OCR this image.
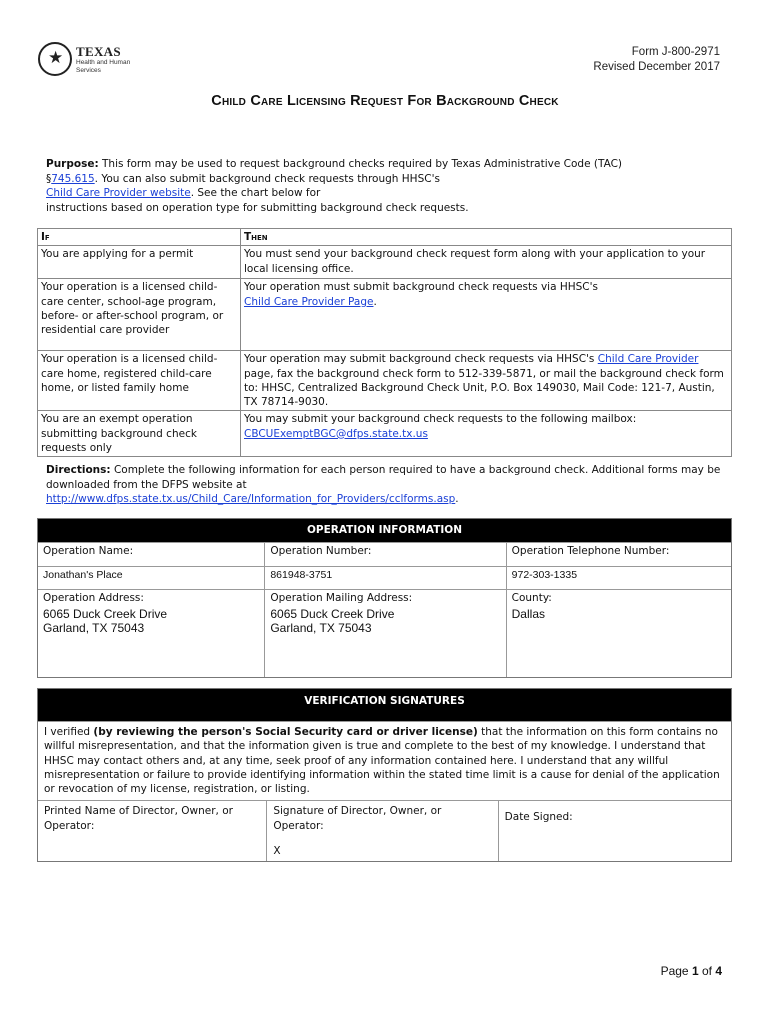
★
TEXAS
Health and Human
Services
Form J-800-2971
Revised December 2017
Child Care Licensing Request For Background Check
Purpose: This form may be used to request background checks required by Texas Administrative Code (TAC)
§745.615. You can also submit background check requests through HHSC's
Child Care Provider website. See the chart below for
instructions based on operation type for submitting background check requests.
If	Then
You are applying for a permit	You must send your background check request form along with your application to your local licensing office.
Your operation is a licensed child-care center, school-age program, before- or after-school program, or residential care provider	Your operation must submit background check requests via HHSC's
Child Care Provider Page.
Your operation is a licensed child-care home, registered child-care home, or listed family home	Your operation may submit background check requests via HHSC's Child Care Provider page, fax the background check form to 512-339-5871, or mail the background check form to: HHSC, Centralized Background Check Unit, P.O. Box 149030, Mail Code: 121-7, Austin, TX 78714-9030.
You are an exempt operation submitting background check requests only	You may submit your background check requests to the following mailbox:
CBCUExemptBGC@dfps.state.tx.us
Directions: Complete the following information for each person required to have a background check. Additional forms may be downloaded from the DFPS website at
http://www.dfps.state.tx.us/Child_Care/Information_for_Providers/cclforms.asp.
OPERATION INFORMATION
Operation Name:	Operation Number:	Operation Telephone Number:
Jonathan's Place	861948-3751	972-303-1335
Operation Address:
6065 Duck Creek Drive
Garland, TX 75043
Operation Mailing Address:
6065 Duck Creek Drive
Garland, TX 75043
County:
Dallas
VERIFICATION SIGNATURES
I verified (by reviewing the person's Social Security card or driver license) that the information on this form contains no willful misrepresentation, and that the information given is true and complete to the best of my knowledge. I understand that HHSC may contact others and, at any time, seek proof of any information contained here. I understand that any willful misrepresentation or failure to provide identifying information within the stated time limit is a cause for denial of the application or revocation of my license, registration, or listing.
Printed Name of Director, Owner, or Operator:
Signature of Director, Owner, or Operator:
X
Date Signed:
Page 1 of 4
